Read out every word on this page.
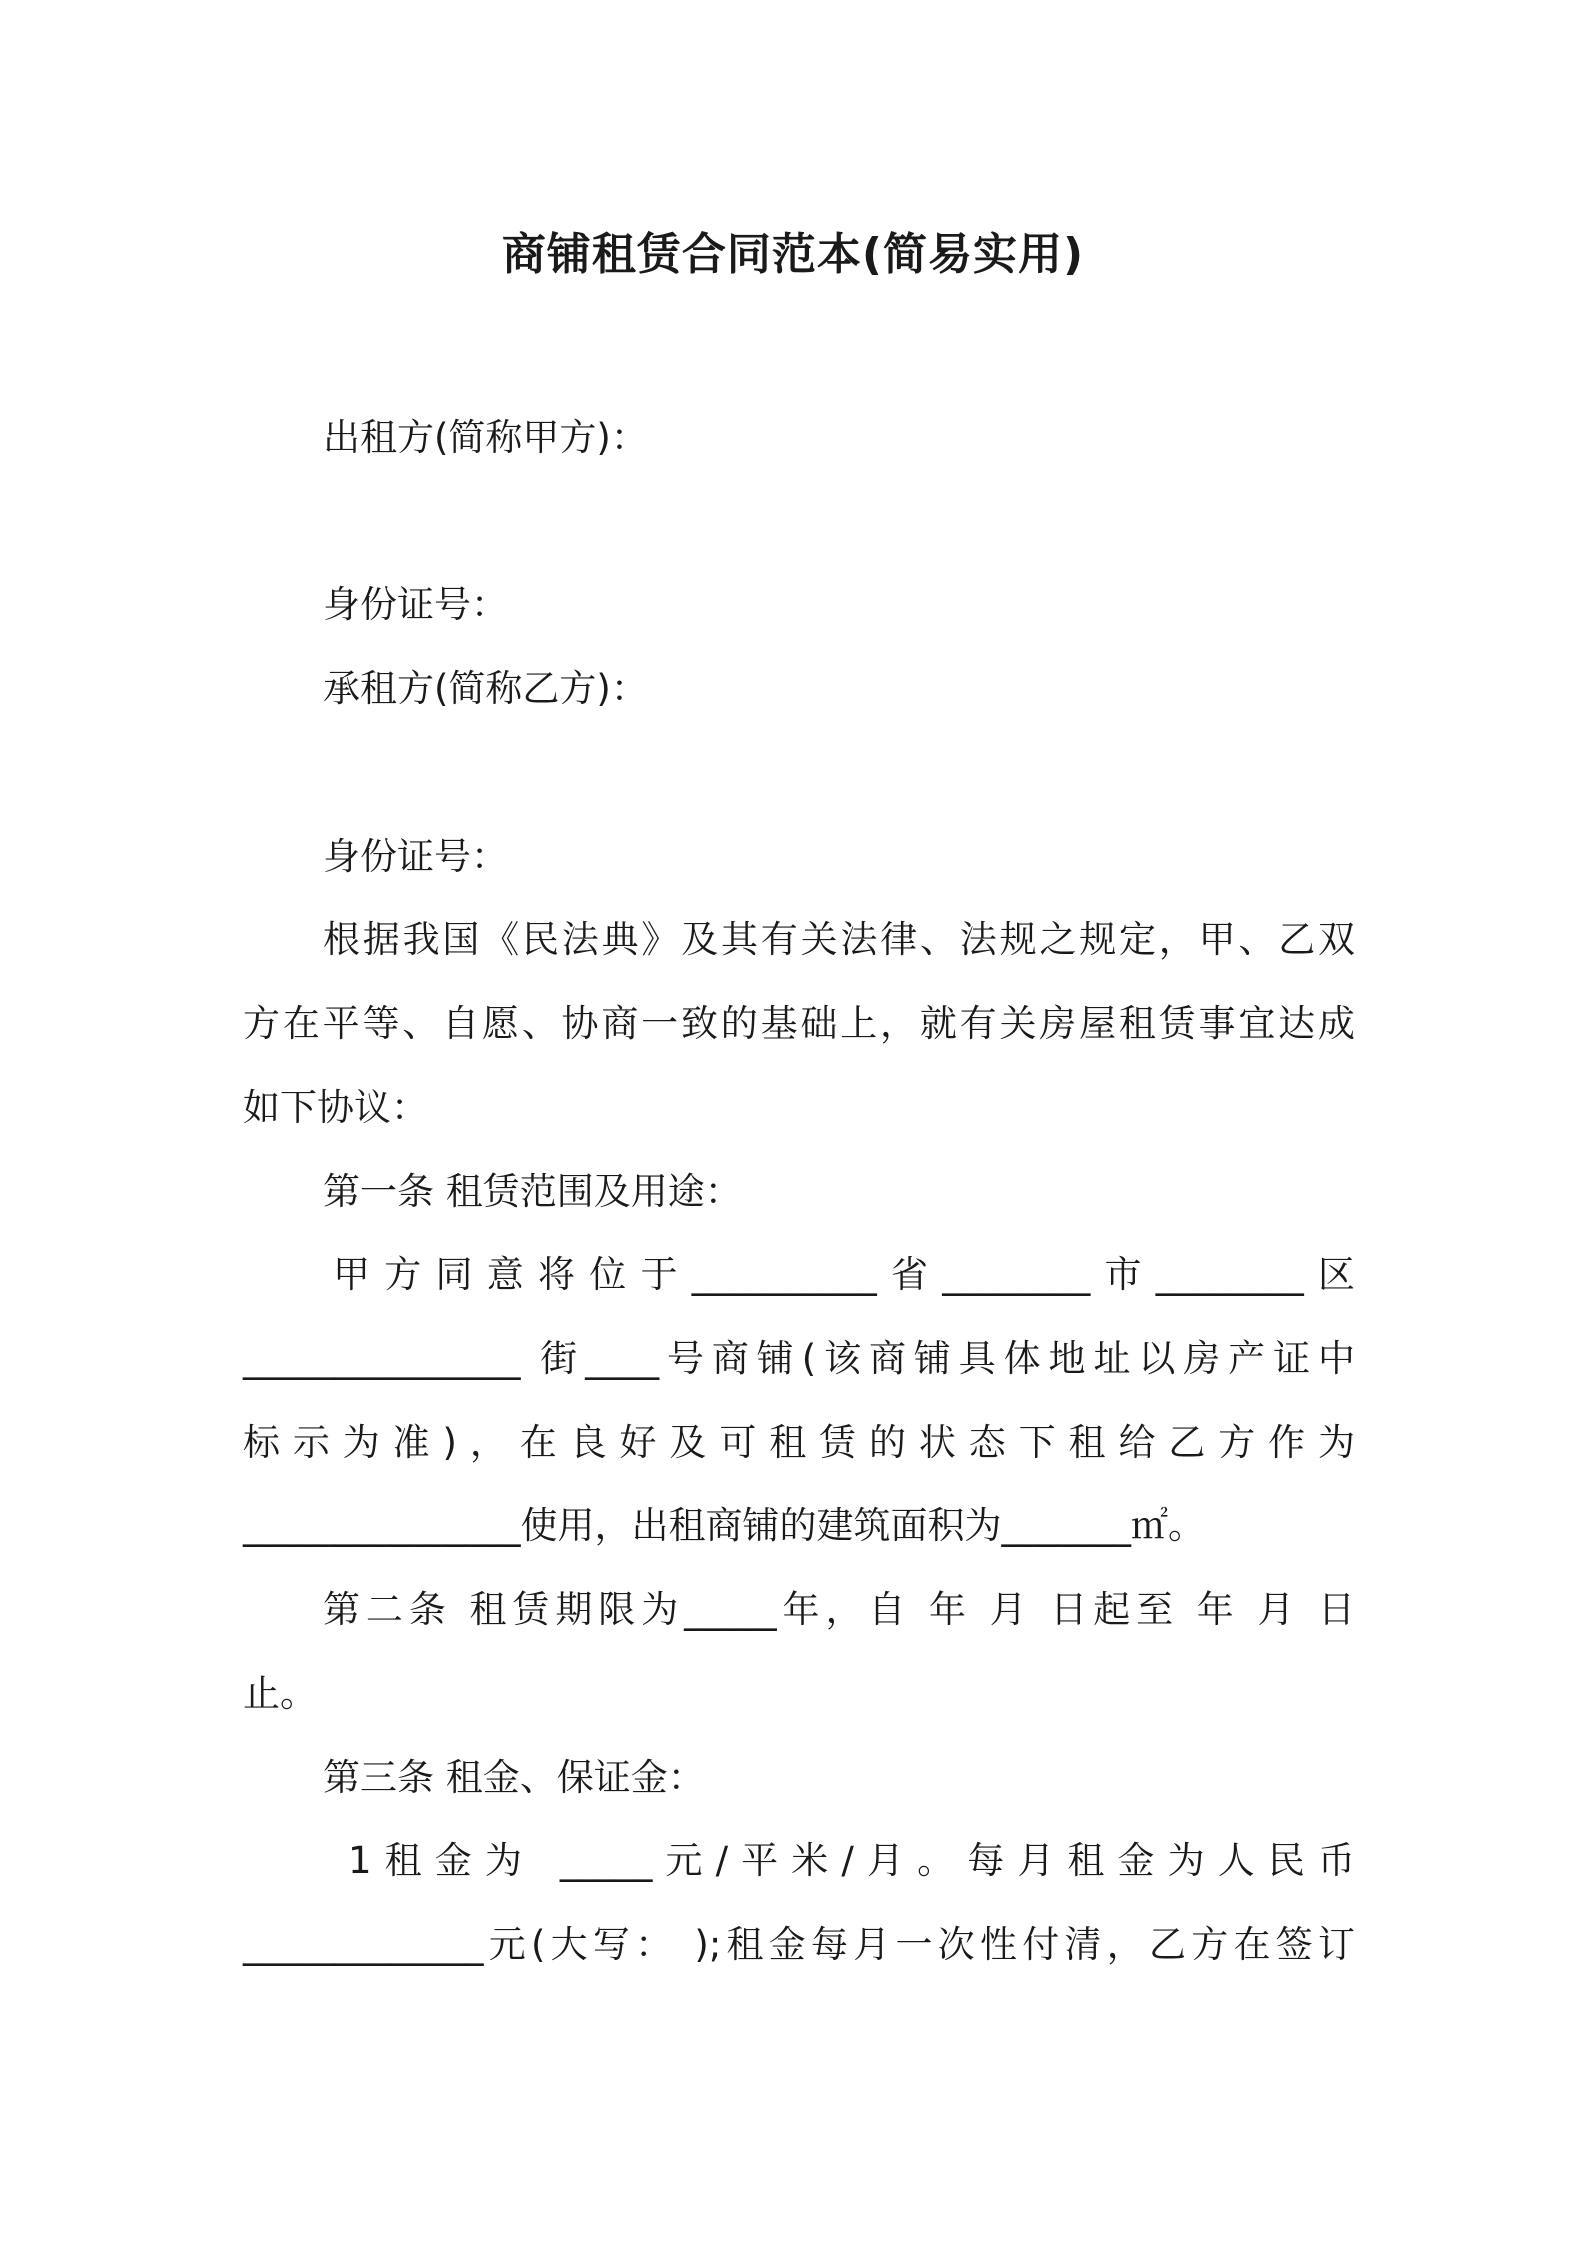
商铺租赁合同范本(简易实用)
出租方(简称甲方)：
身份证号：
承租方(简称乙方)：
身份证号：
根据我国《民法典》及其有关法律、法规之规定，甲、乙双
方在平等、自愿、协商一致的基础上，就有关房屋租赁事宜达成
如下协议：
第一条 租赁范围及用途：
甲方同意将位于__________省________市________区
_______________ 街____号商铺(该商铺具体地址以房产证中
标示为准)，在良好及可租赁的状态下租给乙方作为
_______________使用，出租商铺的建筑面积为_______㎡。
第二条 租赁期限为_____年，自 年 月 日起至 年 月 日
止。
第三条 租金、保证金：
1租金为 _____元/平米/月。每月租金为人民币
_____________元(大写： );租金每月一次性付清，乙方在签订
